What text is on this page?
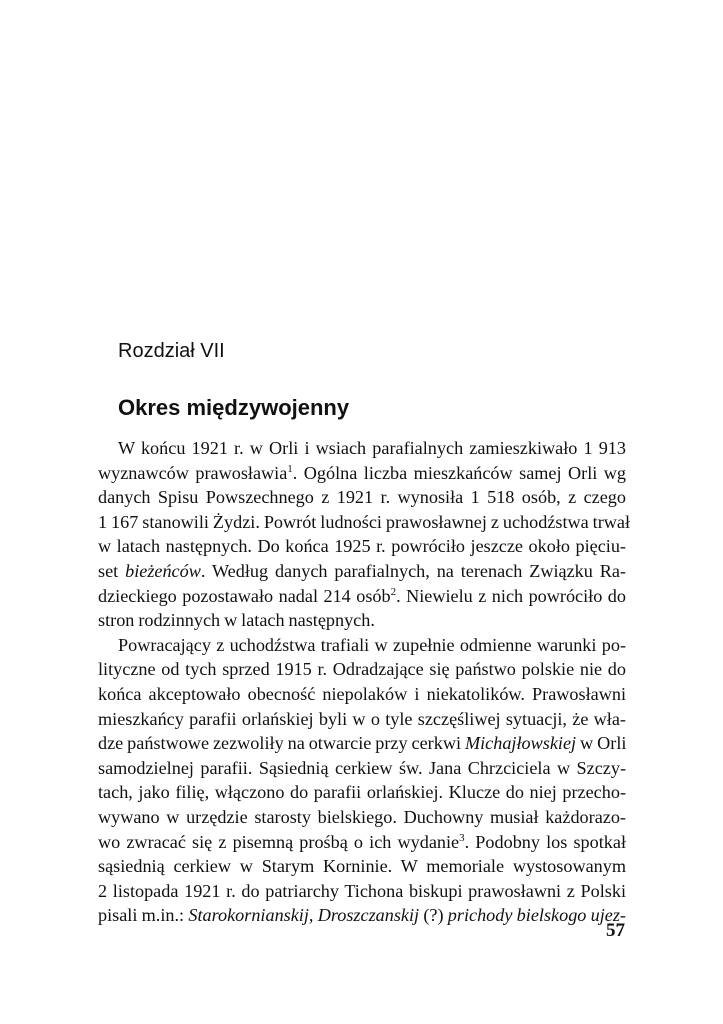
Rozdział VII
Okres międzywojenny
W końcu 1921 r. w Orli i wsiach parafialnych zamieszkiwało 1 913
wyznawców prawosławia$^1$. Ogólna liczba mieszkańców samej Orli wg
danych Spisu Powszechnego z 1921 r. wynosiła 1 518 osób, z czego
1 167 stanowili Żydzi. Powrót ludności prawosławnej z uchodźstwa trwał
w latach następnych. Do końca 1925 r. powróciło jeszcze około pięciu-
set bieżeńców. Według danych parafialnych, na terenach Związku Ra-
dzieckiego pozostawało nadal 214 osób$^2$. Niewielu z nich powróciło do
stron rodzinnych w latach następnych.
Powracający z uchodźstwa trafiali w zupełnie odmienne warunki po-
lityczne od tych sprzed 1915 r. Odradzające się państwo polskie nie do
końca akceptowało obecność niepolaków i niekatolików. Prawosławni
mieszkańcy parafii orlańskiej byli w o tyle szczęśliwej sytuacji, że wła-
dze państwowe zezwoliły na otwarcie przy cerkwi Michajłowskiej w Orli
samodzielnej parafii. Sąsiednią cerkiew św. Jana Chrzciciela w Szczy-
tach, jako filię, włączono do parafii orlańskiej. Klucze do niej przecho-
wywano w urzędzie starosty bielskiego. Duchowny musiał każdorazo-
wo zwracać się z pisemną prośbą o ich wydanie$^3$. Podobny los spotkał
sąsiednią cerkiew w Starym Korninie. W memoriale wystosowanym
2 listopada 1921 r. do patriarchy Tichona biskupi prawosławni z Polski
pisali m.in.: Starokornianskij, Droszczanskij (?) prichody bielskogo ujez-
57
